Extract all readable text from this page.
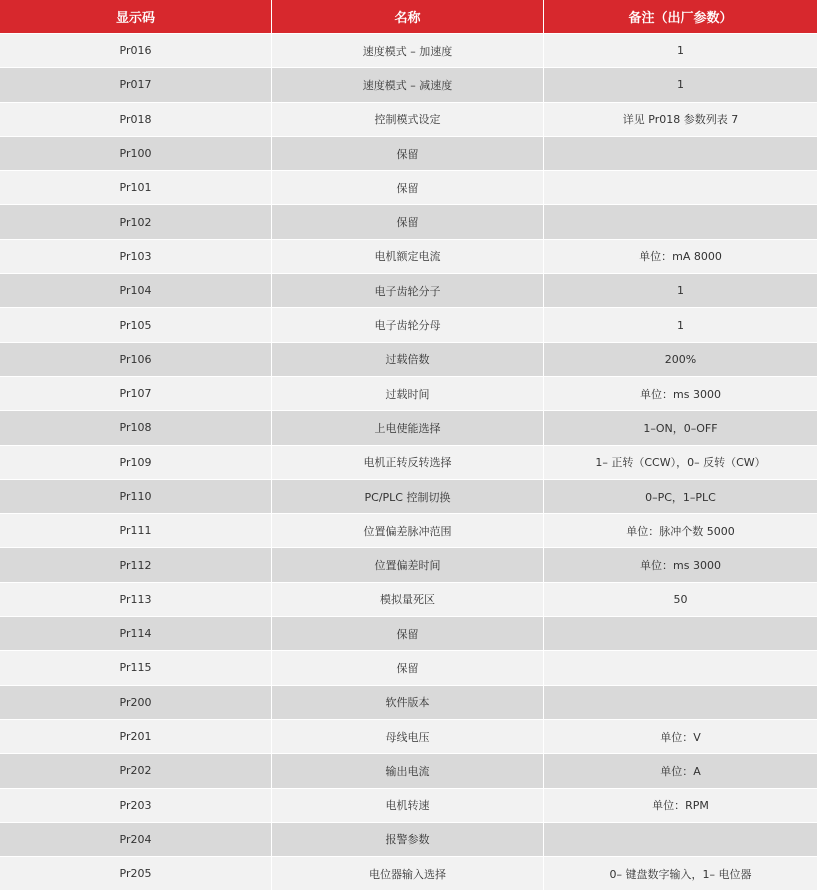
显示码	名称	备注（出厂参数）
Pr016	速度模式 – 加速度	1
Pr017	速度模式 – 减速度	1
Pr018	控制模式设定	详见 Pr018 参数列表 7
Pr100	保留
Pr101	保留
Pr102	保留
Pr103	电机额定电流	单位：mA 8000
Pr104	电子齿轮分子	1
Pr105	电子齿轮分母	1
Pr106	过载倍数	200%
Pr107	过载时间	单位：ms 3000
Pr108	上电使能选择	1–ON，0–OFF
Pr109	电机正转反转选择	1– 正转（CCW），0– 反转（CW）
Pr110	PC/PLC 控制切换	0–PC，1–PLC
Pr111	位置偏差脉冲范围	单位：脉冲个数 5000
Pr112	位置偏差时间	单位：ms 3000
Pr113	模拟量死区	50
Pr114	保留
Pr115	保留
Pr200	软件版本
Pr201	母线电压	单位：V
Pr202	输出电流	单位：A
Pr203	电机转速	单位：RPM
Pr204	报警参数
Pr205	电位器输入选择	0– 键盘数字输入，1– 电位器
